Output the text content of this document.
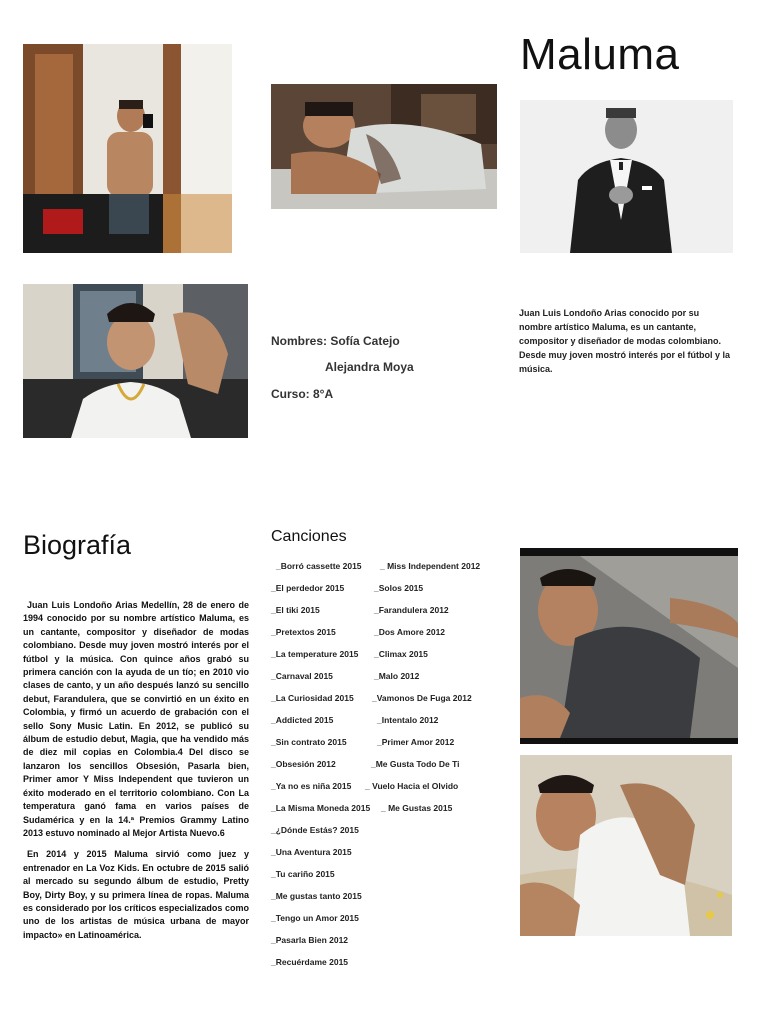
Maluma
Juan Luis Londoño Arias conocido por su nombre artístico Maluma, es un cantante, compositor y diseñador de modas colombiano. Desde muy joven mostró interés por el fútbol y la música.
Nombres: Sofía Catejo
Alejandra Moya
Curso: 8°A
Biografía

Juan Luis Londoño Arias Medellín, 28 de enero de 1994 conocido por su nombre artístico Maluma, es un cantante, compositor y diseñador de modas colombiano. Desde muy joven mostró interés por el fútbol y la música. Con quince años grabó su primera canción con la ayuda de un tío; en 2010 vio clases de canto, y un año después lanzó su sencillo debut, Farandulera, que se convirtió en un éxito en Colombia, y firmó un acuerdo de grabación con el sello Sony Music Latin. En 2012, se publicó su álbum de estudio debut, Magia, que ha vendido más de diez mil copias en Colombia.4 Del disco se lanzaron los sencillos Obsesión, Pasarla bien, Primer amor Y Miss Independent que tuvieron un éxito moderado en el territorio colombiano. Con La temperatura ganó fama en varios países de Sudamérica y en la 14.ª Premios Grammy Latino 2013 estuvo nominado al Mejor Artista Nuevo.6

En 2014 y 2015 Maluma sirvió como juez y entrenador en La Voz Kids. En octubre de 2015 salió al mercado su segundo álbum de estudio, Pretty Boy, Dirty Boy, y su primera línea de ropas. Maluma es considerado por los críticos especializados como uno de los artistas de música urbana de mayor impacto» en Latinoamérica.

Canciones
_Borró cassette 2015
_El perdedor 2015
_El tiki 2015
_Pretextos 2015
_La temperature 2015
_Carnaval 2015
_La Curiosidad 2015
_Addicted 2015
_Sin contrato 2015
_Obsesión 2012
_Ya no es niña 2015
_La Misma Moneda 2015
_¿Dónde Estás? 2015
_Una Aventura 2015
_Tu cariño 2015
_Me gustas tanto 2015
_Tengo un Amor 2015
_Pasarla Bien 2012
_Recuérdame 2015
_ Miss Independent 2012
_Solos 2015
_Farandulera 2012
_Dos Amore 2012
_Climax 2015
_Malo 2012
_Vamonos De Fuga 2012
_Intentalo 2012
_Primer Amor 2012
_Me Gusta Todo De Ti
_ Vuelo Hacia el Olvido
_ Me Gustas 2015
